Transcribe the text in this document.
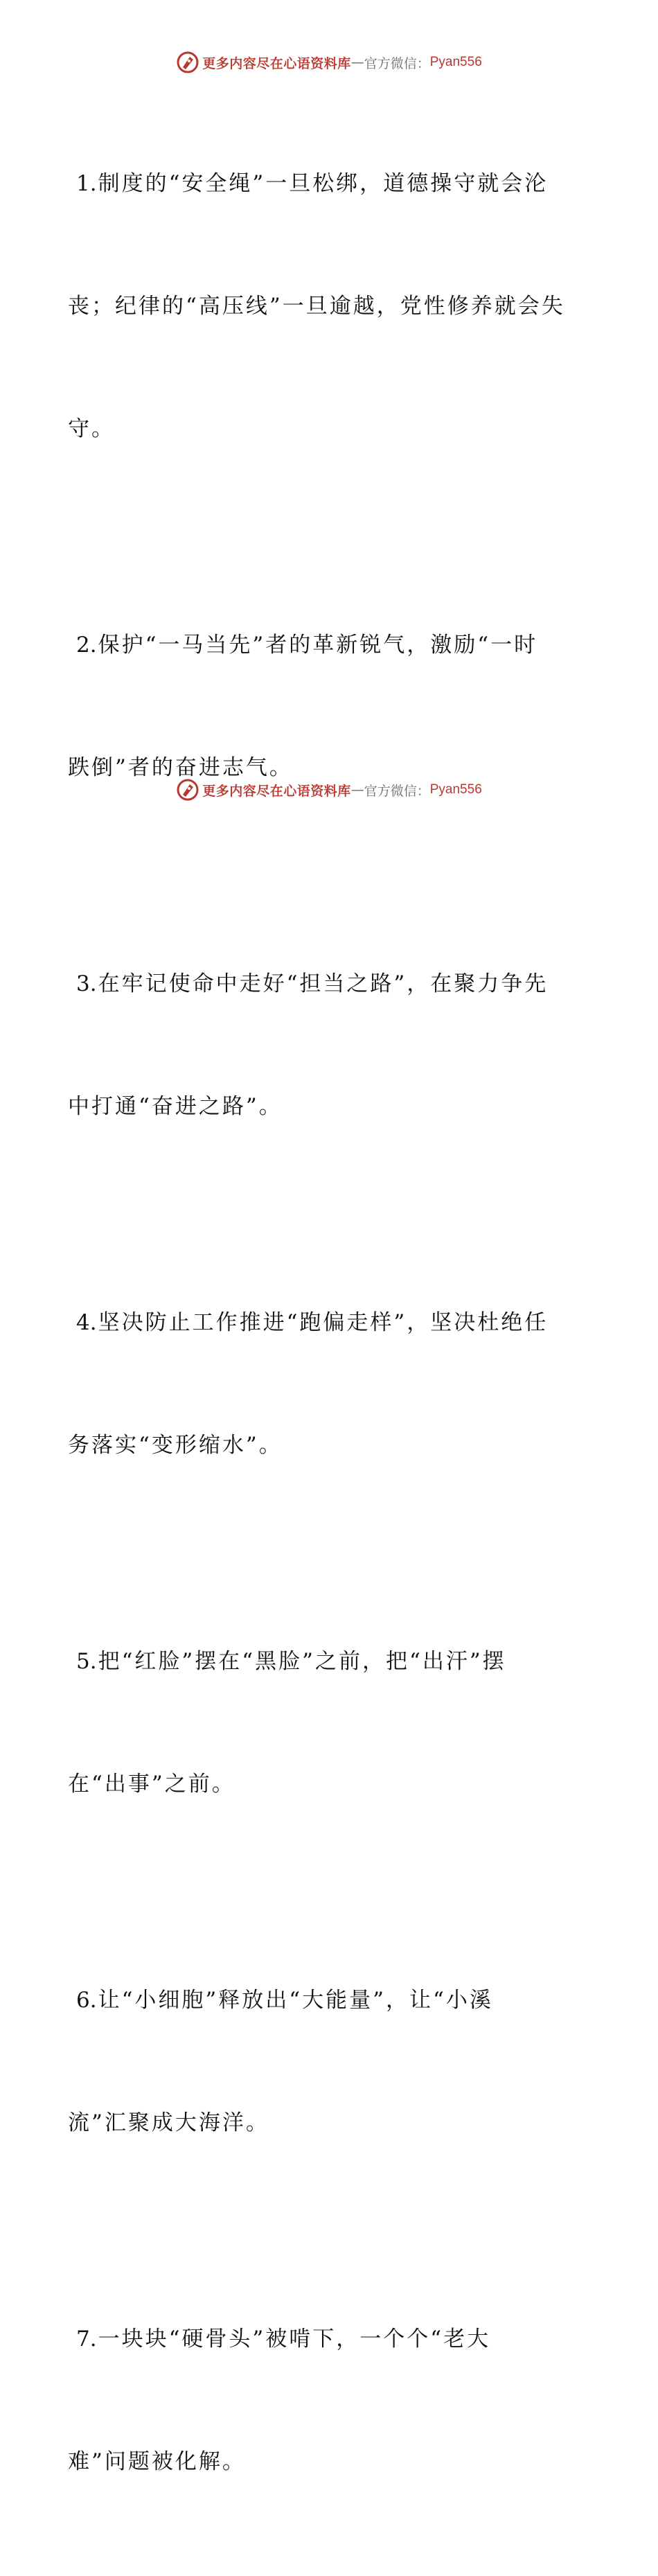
更多内容尽在心语资料库 — 官方微信： Pyan556

1.制度的“安全绳”一旦松绑，道德操守就会沦

丧；纪律的“高压线”一旦逾越，党性修养就会失

守。

2.保护“一马当先”者的革新锐气，激励“一时

跌倒”者的奋进志气。

3.在牢记使命中走好“担当之路”，在聚力争先

中打通“奋进之路”。

4.坚决防止工作推进“跑偏走样”，坚决杜绝任

务落实“变形缩水”。

5.把“红脸”摆在“黑脸”之前，把“出汗”摆

在“出事”之前。

6.让“小细胞”释放出“大能量”，让“小溪

流”汇聚成大海洋。

7.一块块“硬骨头”被啃下，一个个“老大

难”问题被化解。

更多内容尽在心语资料库 — 官方微信： Pyan556
